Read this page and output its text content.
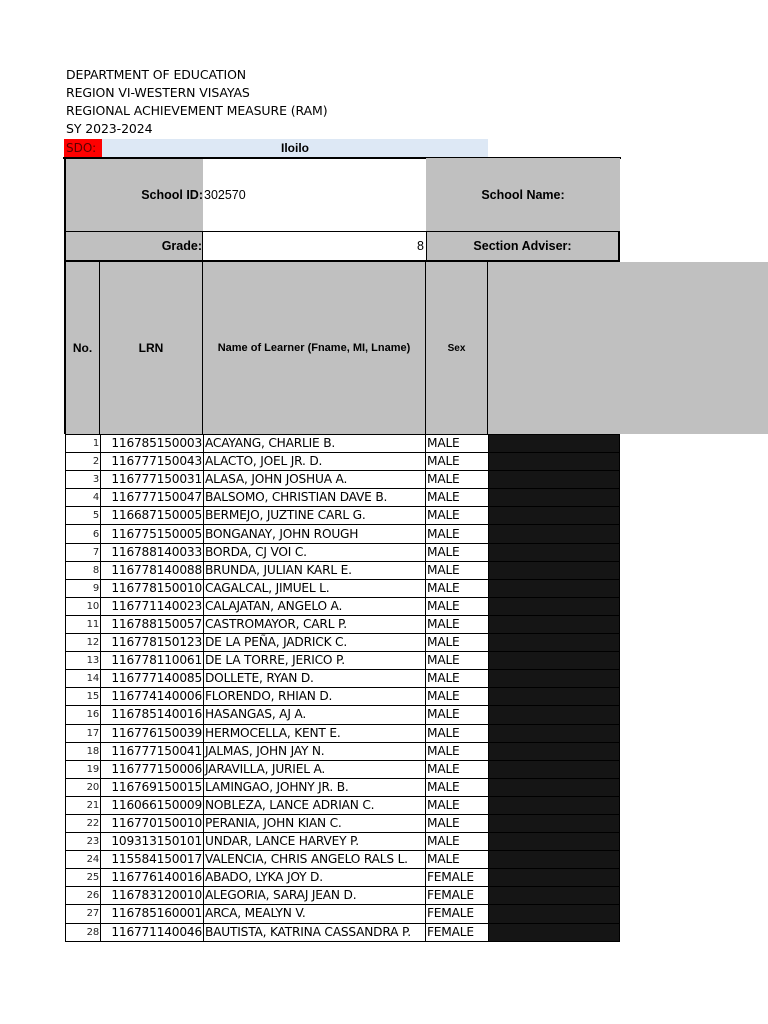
DEPARTMENT OF EDUCATION
REGION VI-WESTERN VISAYAS
REGIONAL ACHIEVEMENT MEASURE (RAM)
SY 2023-2024
SDO:	Iloilo
School ID: 302570	School Name:
Grade:	8	Section Adviser:
No.	LRN	Name of Learner (Fname, MI, Lname)	Sex
1	116785150003	ACAYANG, CHARLIE B.	MALE	
2	116777150043	ALACTO, JOEL JR. D.	MALE	
3	116777150031	ALASA, JOHN JOSHUA A.	MALE	
4	116777150047	BALSOMO, CHRISTIAN DAVE B.	MALE	
5	116687150005	BERMEJO, JUZTINE CARL G.	MALE	
6	116775150005	BONGANAY, JOHN ROUGH	MALE	
7	116788140033	BORDA, CJ VOI C.	MALE	
8	116778140088	BRUNDA, JULIAN KARL E.	MALE	
9	116778150010	CAGALCAL, JIMUEL L.	MALE	
10	116771140023	CALAJATAN, ANGELO A.	MALE	
11	116788150057	CASTROMAYOR, CARL P.	MALE	
12	116778150123	DE LA PEÑA, JADRICK C.	MALE	
13	116778110061	DE LA TORRE, JERICO P.	MALE	
14	116777140085	DOLLETE, RYAN D.	MALE	
15	116774140006	FLORENDO, RHIAN D.	MALE	
16	116785140016	HASANGAS, AJ A.	MALE	
17	116776150039	HERMOCELLA, KENT E.	MALE	
18	116777150041	JALMAS, JOHN JAY N.	MALE	
19	116777150006	JARAVILLA, JURIEL A.	MALE	
20	116769150015	LAMINGAO, JOHNY JR. B.	MALE	
21	116066150009	NOBLEZA, LANCE ADRIAN C.	MALE	
22	116770150010	PERANIA, JOHN KIAN C.	MALE	
23	109313150101	UNDAR, LANCE HARVEY P.	MALE	
24	115584150017	VALENCIA, CHRIS ANGELO RALS L.	MALE	
25	116776140016	ABADO, LYKA JOY D.	FEMALE	
26	116783120010	ALEGORIA, SARAJ JEAN D.	FEMALE	
27	116785160001	ARCA, MEALYN V.	FEMALE	
28	116771140046	BAUTISTA, KATRINA CASSANDRA P.	FEMALE	
